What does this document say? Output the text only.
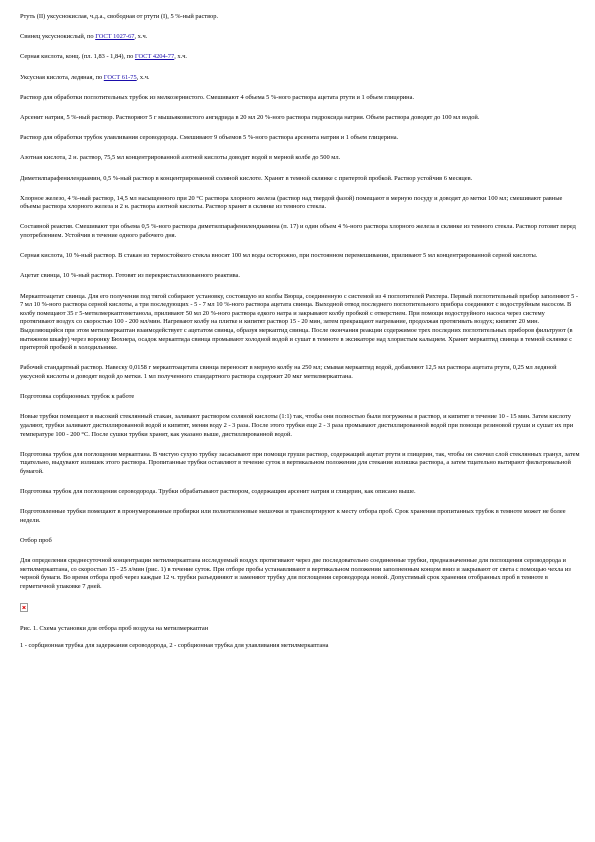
Ртуть (II) уксуснокислая, ч.д.а., свободная от ртути (I), 5 %-ный раствор.

Свинец уксуснокислый, по ГОСТ 1027-67, х.ч.

Серная кислота, конц. (пл. 1,83 - 1,84), по ГОСТ 4204-77, х.ч.

Уксусная кислота, ледяная, по ГОСТ 61-75, х.ч.

Раствор для обработки поглотительных трубок из мелкозернистого. Смешивают 4 объема 5 %-ного раствора ацетата ртути и 1 объем глицерина.

Арсенит натрия, 5 %-ный раствор. Растворяют 5 г мышьяковистого ангидрида в 20 мл 20 %-ного раствора гидроксида натрия. Объем раствора доводят до 100 мл водой.

Раствор для обработки трубок улавливания сероводорода. Смешивают 9 объемов 5 %-ного раствора арсенита натрия и 1 объем глицерина.

Азотная кислота, 2 н. раствор, 75,5 мл концентрированной азотной кислоты доводят водой в мерной колбе до 500 мл.

Диметилпарафенилендиамин, 0,5 %-ный раствор в концентрированной соляной кислоте. Хранят в темной склянке с притертой пробкой. Раствор устойчив 6 месяцев.

Хлорное железо, 4 %-ный раствор, 14,5 мл насыщенного при 20 °C раствора хлорного железа (раствор над твердой фазой) помещают в мерную посуду и доводят до метки 100 мл; смешивают равные объемы раствора хлорного железа и 2 н. раствора азотной кислоты. Раствор хранят в склянке из темного стекла.

Составной реактив. Смешивают три объема 0,5 %-ного раствора диметилпарафенилендиамина (п. 17) и один объем 4 %-ного раствора хлорного железа в склянке из темного стекла. Раствор готовят перед употреблением. Устойчив в течение одного рабочего дня.

Серная кислота, 10 %-ный раствор. В стакан из термостойкого стекла вносят 100 мл воды осторожно, при постоянном перемешивании, приливают 5 мл концентрированной серной кислоты.

Ацетат свинца, 10 %-ный раствор. Готовят из перекристаллизованного реактива.

Меркаптоацетат свинца. Для его получения под тягой собирают установку, состоящую из колбы Вюрца, соединенную с системой из 4 поглотителей Рихтера. Первый поглотительный прибор заполняют 5 - 7 мл 10 %-ного раствора серной кислоты, а три последующих - 5 - 7 мл 10 %-ного раствора ацетата свинца. Выходной отвод последнего поглотительного прибора соединяют с водоструйным насосом. В колбу помещают 35 г 5-метилмеркаптометанола, приливают 50 мл 20 %-ного раствора едкого натра и закрывают колбу пробкой с отверстием. При помощи водоструйного насоса через систему протягивают воздух со скоростью 100 - 200 мл/мин. Нагревают колбу на плитке и кипятят раствор 15 - 20 мин, затем прекращают нагревание, продолжая протягивать воздух; кипятят 20 мин. Выделяющийся при этом метилмеркаптан взаимодействует с ацетатом свинца, образуя меркаптид свинца. После окончания реакции содержимое трех последних поглотительных приборов фильтруют (в вытяжном шкафу) через воронку Бюхнера, осадок меркаптида свинца промывают холодной водой и сушат в темноте в эксикаторе над хлористым кальцием. Хранят меркаптид свинца в темной склянке с притертой пробкой в холодильнике.

Рабочий стандартный раствор. Навеску 0,0158 г меркаптоацетата свинца переносят в мерную колбу на 250 мл; смывая меркаптид водой, добавляют 12,5 мл раствора ацетата ртути, 0,25 мл ледяной уксусной кислоты и доводят водой до метки. 1 мл полученного стандартного раствора содержит 20 мкг метилмеркаптана.

Подготовка сорбционных трубок к работе

Новые трубки помещают в высокий стеклянный стакан, заливают раствором соляной кислоты (1:1) так, чтобы они полностью были погружены в раствор, и кипятят в течение 10 - 15 мин. Затем кислоту удаляют, трубки заливают дистиллированной водой и кипятят, меняя воду 2 - 3 раза. После этого трубки еще 2 - 3 раза промывают дистиллированной водой при помощи резиновой груши и сушат их при температуре 100 - 200 °C. После сушки трубки хранят, как указано выше, дистиллированной водой.

Подготовка трубок для поглощения меркаптана. В чистую сухую трубку засасывают при помощи груши раствор, содержащий ацетат ртути и глицерин, так, чтобы он смочил слой стеклянных гранул, затем тщательно, выдувают излишек этого раствора. Пропитанные трубки оставляют в течение суток в вертикальном положении для стекания излишка раствора, а затем тщательно вытирают фильтровальной бумагой.

Подготовка трубок для поглощения сероводорода. Трубки обрабатывают раствором, содержащим арсенит натрия и глицерин, как описано выше.

Подготовленные трубки помещают в пронумерованные пробирки или полиэтиленовые мешочки и транспортируют к месту отбора проб. Срок хранения пропитанных трубок в темноте может не более недели.

Отбор проб

Для определения среднесуточной концентрации метилмеркаптана исследуемый воздух протягивают через две последовательно соединенные трубки, предназначенные для поглощения сероводорода и метилмеркаптана, со скоростью 15 - 25 л/мин (рис. 1) в течение суток. При отборе пробы устанавливают в вертикальном положении заполненным концом вниз и закрывают от света с помощью чехла из черной бумаги. Во время отбора проб через каждые 12 ч. трубки разъединяют и заменяют трубку для поглощения сероводорода новой. Допустимый срок хранения отобранных проб в темноте в герметичной упаковке 7 дней.

Рис. 1. Схема установки для отбора проб воздуха на метилмеркаптан

1 - сорбционная трубка для задержания сероводорода, 2 - сорбционная трубка для улавливания метилмеркаптана
